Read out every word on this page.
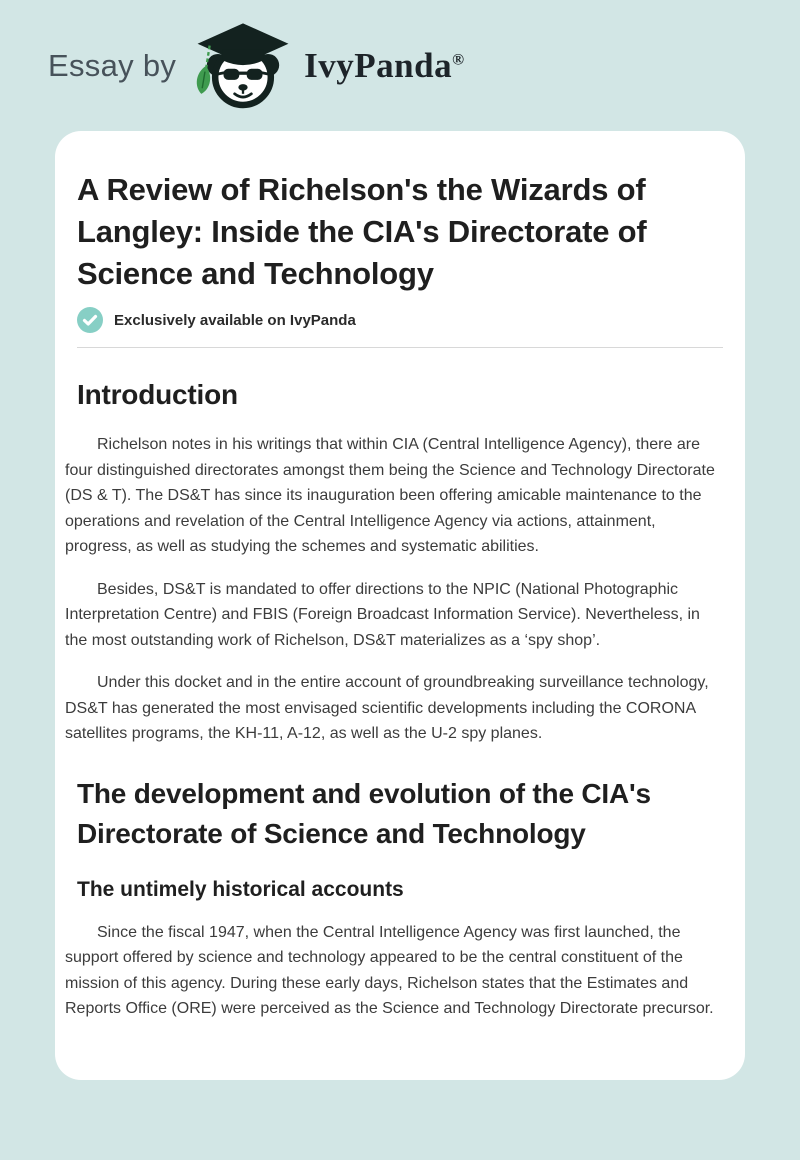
Essay by	IvyPanda®
A Review of Richelson's the Wizards of Langley: Inside the CIA's Directorate of Science and Technology
Exclusively available on IvyPanda
Introduction

Richelson notes in his writings that within CIA (Central Intelligence Agency), there are four distinguished directorates amongst them being the Science and Technology Directorate (DS & T). The DS&T has since its inauguration been offering amicable maintenance to the operations and revelation of the Central Intelligence Agency via actions, attainment, progress, as well as studying the schemes and systematic abilities.

Besides, DS&T is mandated to offer directions to the NPIC (National Photographic Interpretation Centre) and FBIS (Foreign Broadcast Information Service). Nevertheless, in the most outstanding work of Richelson, DS&T materializes as a ‘spy shop’.

Under this docket and in the entire account of groundbreaking surveillance technology, DS&T has generated the most envisaged scientific developments including the CORONA satellites programs, the KH-11, A-12, as well as the U-2 spy planes.

The development and evolution of the CIA's Directorate of Science and Technology
The untimely historical accounts

Since the fiscal 1947, when the Central Intelligence Agency was first launched, the support offered by science and technology appeared to be the central constituent of the mission of this agency. During these early days, Richelson states that the Estimates and Reports Office (ORE) were perceived as the Science and Technology Directorate precursor.
